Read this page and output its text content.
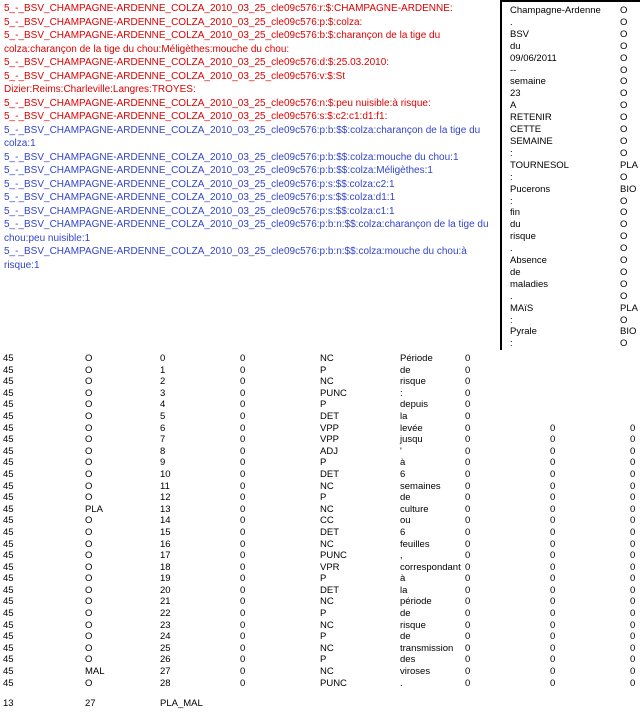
5_-_BSV_CHAMPAGNE-ARDENNE_COLZA_2010_03_25_cle09c576:r:$:CHAMPAGNE-ARDENNE:
5_-_BSV_CHAMPAGNE-ARDENNE_COLZA_2010_03_25_cle09c576:p:$:colza:
5_-_BSV_CHAMPAGNE-ARDENNE_COLZA_2010_03_25_cle09c576:b:$:charançon de la tige du colza:charançon de la tige du chou:Méligèthes:mouche du chou:
5_-_BSV_CHAMPAGNE-ARDENNE_COLZA_2010_03_25_cle09c576:d:$:25.03.2010:
5_-_BSV_CHAMPAGNE-ARDENNE_COLZA_2010_03_25_cle09c576:v:$:St Dizier:Reims:Charleville:Langres:TROYES:
5_-_BSV_CHAMPAGNE-ARDENNE_COLZA_2010_03_25_cle09c576:n:$:peu nuisible:à risque:
5_-_BSV_CHAMPAGNE-ARDENNE_COLZA_2010_03_25_cle09c576:s:$:c2:c1:d1:f1:
5_-_BSV_CHAMPAGNE-ARDENNE_COLZA_2010_03_25_cle09c576:p:b:$$:colza:charançon de la tige du colza:1
5_-_BSV_CHAMPAGNE-ARDENNE_COLZA_2010_03_25_cle09c576:p:b:$$:colza:mouche du chou:1
5_-_BSV_CHAMPAGNE-ARDENNE_COLZA_2010_03_25_cle09c576:p:b:$$:colza:Méligèthes:1
5_-_BSV_CHAMPAGNE-ARDENNE_COLZA_2010_03_25_cle09c576:p:s:$$:colza:c2:1
5_-_BSV_CHAMPAGNE-ARDENNE_COLZA_2010_03_25_cle09c576:p:s:$$:colza:d1:1
5_-_BSV_CHAMPAGNE-ARDENNE_COLZA_2010_03_25_cle09c576:p:s:$$:colza:c1:1
5_-_BSV_CHAMPAGNE-ARDENNE_COLZA_2010_03_25_cle09c576:p:b:n:$$:colza:charançon de la tige du chou:peu nuisible:1
5_-_BSV_CHAMPAGNE-ARDENNE_COLZA_2010_03_25_cle09c576:p:b:n:$$:colza:mouche du chou:à risque:1
Champagne-Ardenne	O
.	O
BSV	O
du	O
09/06/2011	O
--	O
semaine	O
23	O
A	O
RETENIR	O
CETTE	O
SEMAINE	O
:	O
TOURNESOL	PLA
:	O
Pucerons	BIO
:	O
fin	O
du	O
risque	O
.	O
Absence	O
de	O
maladies	O
.	O
MAïS	PLA
:	O
Pyrale	BIO
:	O
45	O	0	0	NC	Période	0
45	O	1	0	P	de	0
45	O	2	0	NC	risque	0
45	O	3	0	PUNC	:	0
45	O	4	0	P	depuis	0
45	O	5	0	DET	la	0
45	O	6	0	VPP	levée	0	0	0
45	O	7	0	VPP	jusqu	0	0	0
45	O	8	0	ADJ	'	0	0	0
45	O	9	0	P	à	0	0	0
45	O	10	0	DET	6	0	0	0
45	O	11	0	NC	semaines	0	0	0
45	O	12	0	P	de	0	0	0
45	PLA	13	0	NC	culture	0	0	0
45	O	14	0	CC	ou	0	0	0
45	O	15	0	DET	6	0	0	0
45	O	16	0	NC	feuilles	0	0	0
45	O	17	0	PUNC	,	0	0	0
45	O	18	0	VPR	correspondant 0	0	0
45	O	19	0	P	à	0	0	0
45	O	20	0	DET	la	0	0	0
45	O	21	0	NC	période	0	0	0
45	O	22	0	P	de	0	0	0
45	O	23	0	NC	risque	0	0	0
45	O	24	0	P	de	0	0	0
45	O	25	0	NC	transmission	0	0	0
45	O	26	0	P	des	0	0	0
45	MAL	27	0	NC	viroses	0	0	0
45	O	28	0	PUNC	.	0	0	0
13	27	PLA_MAL
